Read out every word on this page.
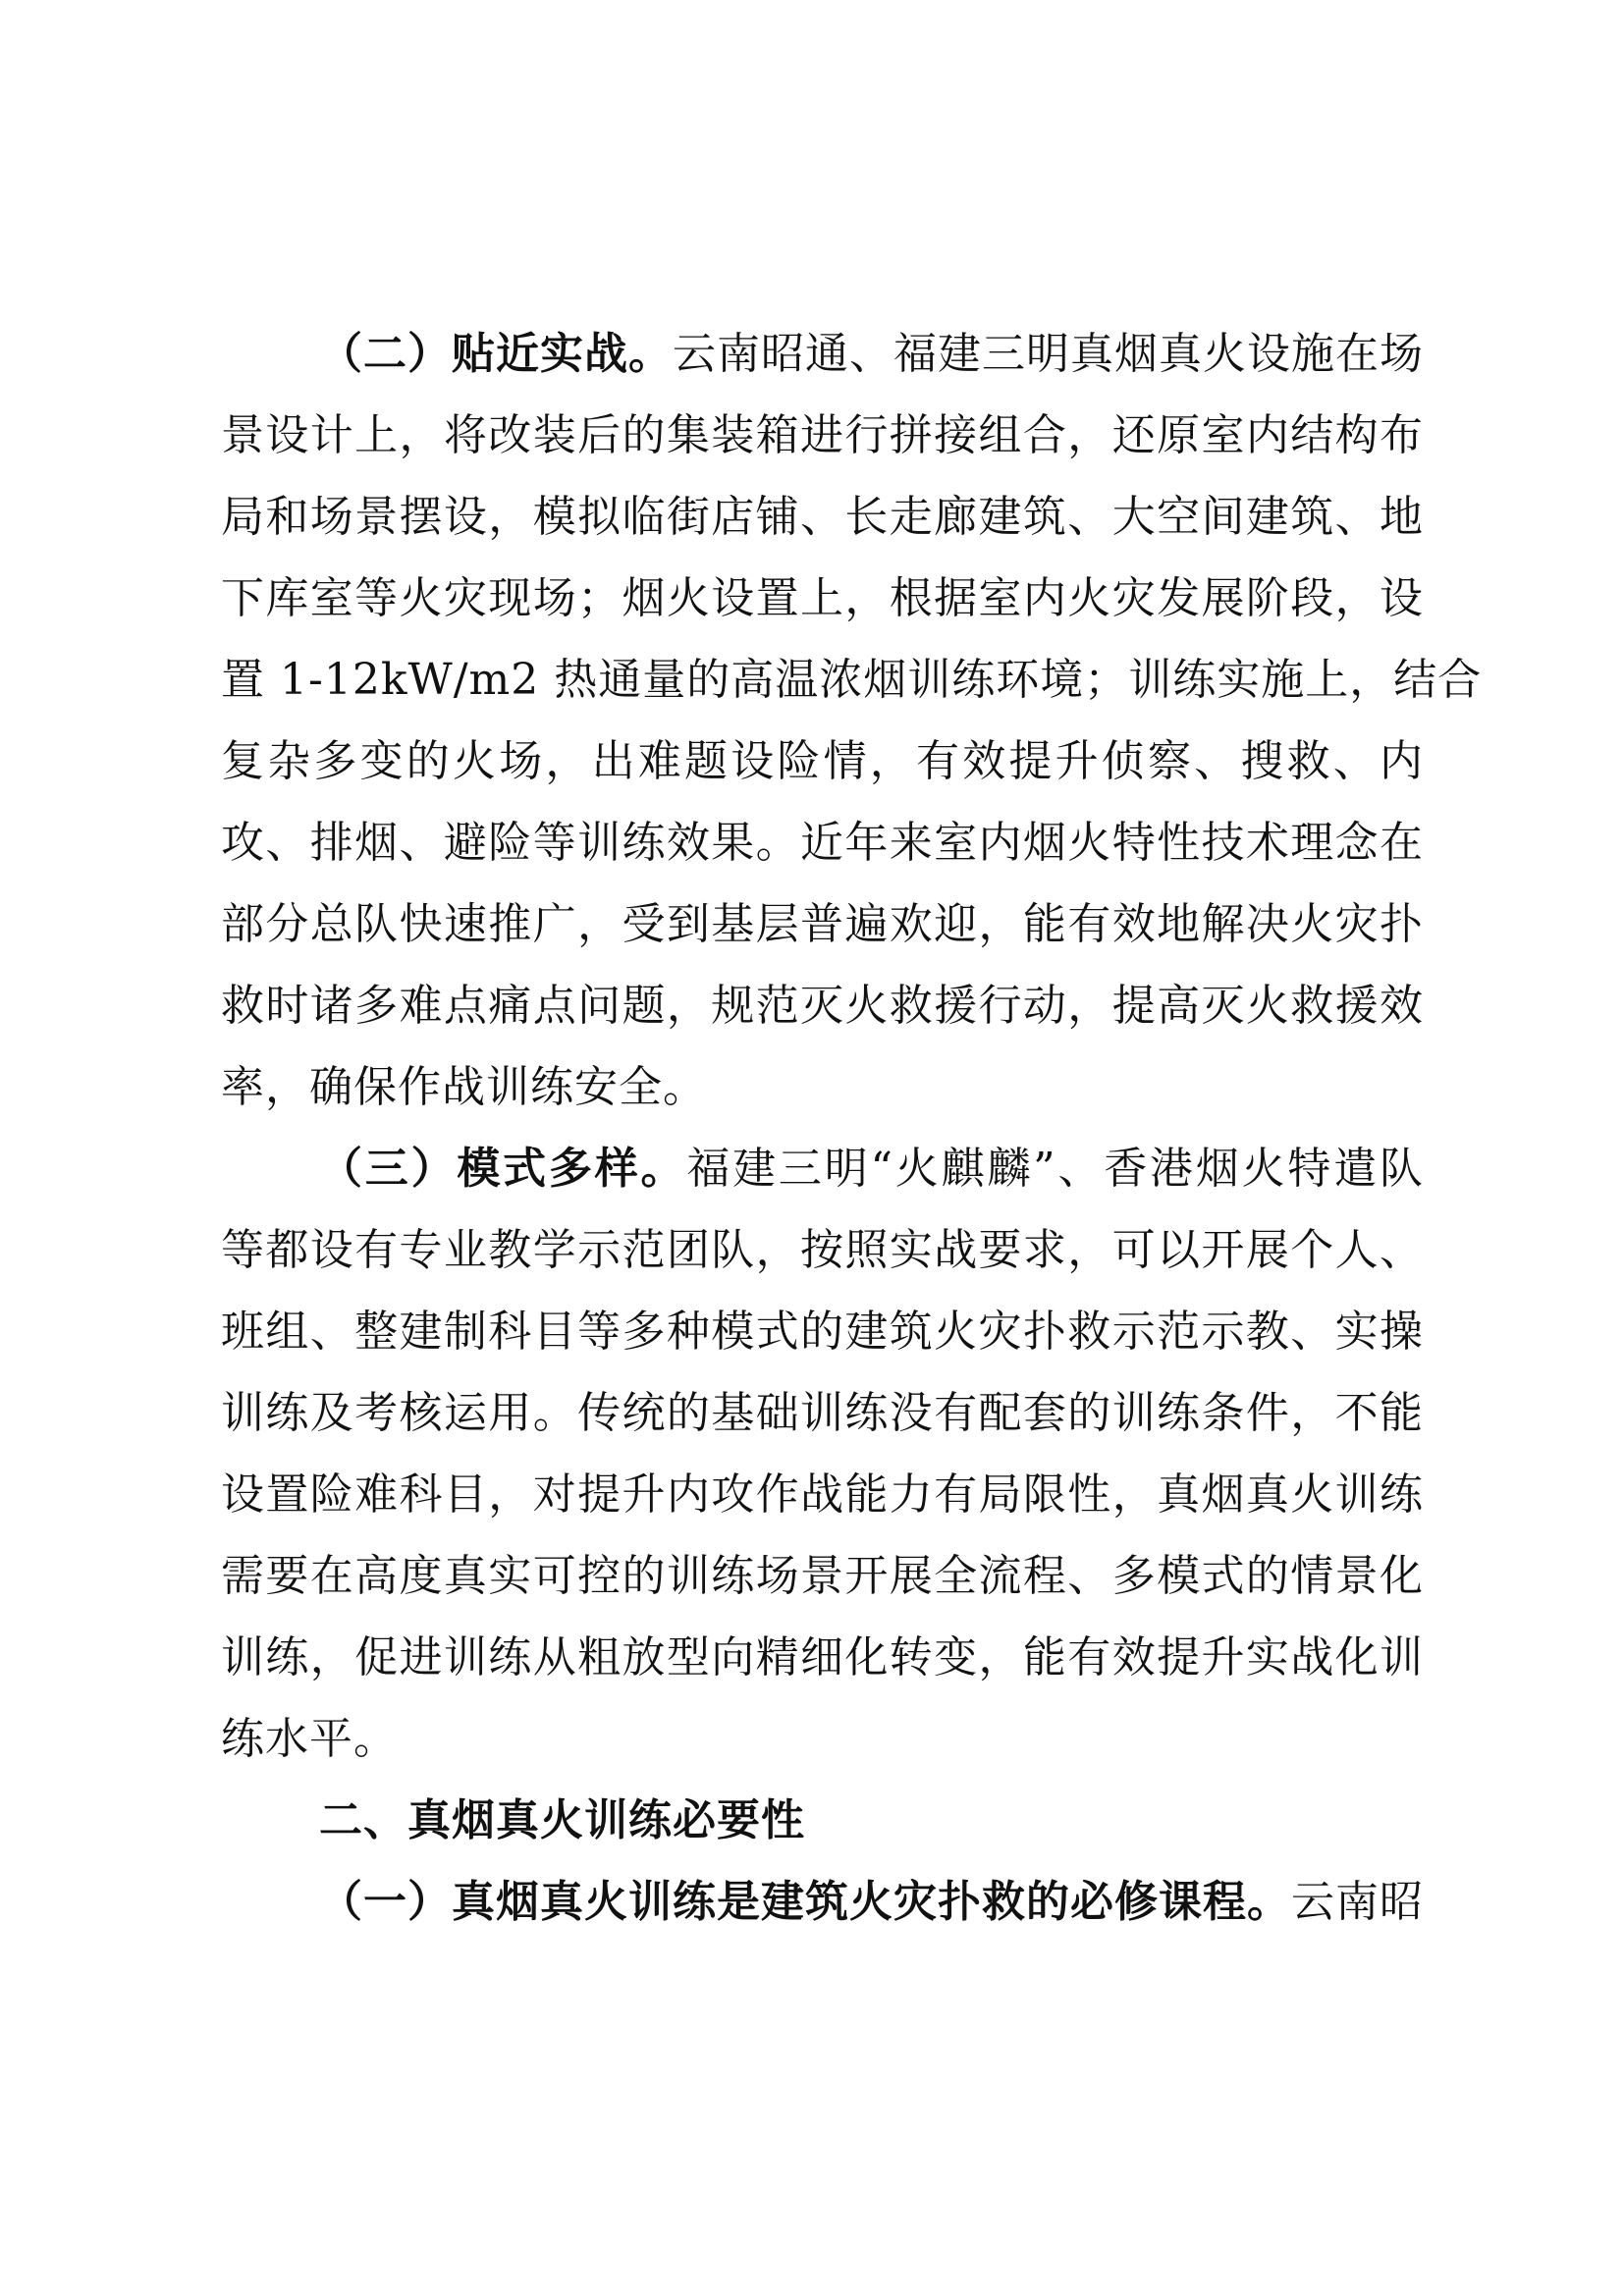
（二）贴近实战。云南昭通、福建三明真烟真火设施在场
景设计上，将改装后的集装箱进行拼接组合，还原室内结构布
局和场景摆设，模拟临街店铺、长走廊建筑、大空间建筑、地
下库室等火灾现场；烟火设置上，根据室内火灾发展阶段，设
置 1-12kW/m2 热通量的高温浓烟训练环境；训练实施上，结合
复杂多变的火场，出难题设险情，有效提升侦察、搜救、内
攻、排烟、避险等训练效果。近年来室内烟火特性技术理念在
部分总队快速推广，受到基层普遍欢迎，能有效地解决火灾扑
救时诸多难点痛点问题，规范灭火救援行动，提高灭火救援效
率，确保作战训练安全。
（三）模式多样。福建三明“火麒麟”、香港烟火特遣队
等都设有专业教学示范团队，按照实战要求，可以开展个人、
班组、整建制科目等多种模式的建筑火灾扑救示范示教、实操
训练及考核运用。传统的基础训练没有配套的训练条件，不能
设置险难科目，对提升内攻作战能力有局限性，真烟真火训练
需要在高度真实可控的训练场景开展全流程、多模式的情景化
训练，促进训练从粗放型向精细化转变，能有效提升实战化训
练水平。
二、真烟真火训练必要性
（一）真烟真火训练是建筑火灾扑救的必修课程。云南昭
